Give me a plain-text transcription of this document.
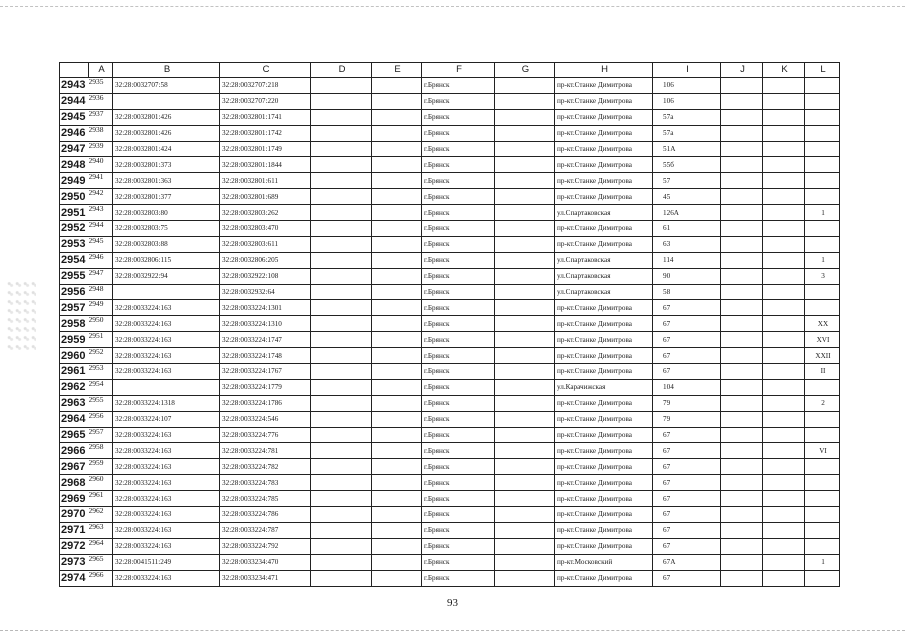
	A	B	C	D	E	F	G	H	I	J	K	L
2943	2935	32:28:0032707:58	32:28:0032707:218			г.Брянск		пр-кт.Станке Димитрова	106			
2944	2936		32:28:0032707:220			г.Брянск		пр-кт.Станке Димитрова	106			
2945	2937	32:28:0032801:426	32:28:0032801:1741			г.Брянск		пр-кт.Станке Димитрова	57а			
2946	2938	32:28:0032801:426	32:28:0032801:1742			г.Брянск		пр-кт.Станке Димитрова	57а			
2947	2939	32:28:0032801:424	32:28:0032801:1749			г.Брянск		пр-кт.Станке Димитрова	51А			
2948	2940	32:28:0032801:373	32:28:0032801:1844			г.Брянск		пр-кт.Станке Димитрова	55б			
2949	2941	32:28:0032801:363	32:28:0032801:611			г.Брянск		пр-кт.Станке Димитрова	57			
2950	2942	32:28:0032801:377	32:28:0032801:689			г.Брянск		пр-кт.Станке Димитрова	45			
2951	2943	32:28:0032803:80	32:28:0032803:262			г.Брянск		ул.Спартаковская	126А			1
2952	2944	32:28:0032803:75	32:28:0032803:470			г.Брянск		пр-кт.Станке Димитрова	61			
2953	2945	32:28:0032803:88	32:28:0032803:611			г.Брянск		пр-кт.Станке Димитрова	63			
2954	2946	32:28:0032806:115	32:28:0032806:205			г.Брянск		ул.Спартаковская	114			1
2955	2947	32:28:0032922:94	32:28:0032922:108			г.Брянск		ул.Спартаковская	90			3
2956	2948		32:28:0032932:64			г.Брянск		ул.Спартаковская	58			
2957	2949	32:28:0033224:163	32:28:0033224:1301			г.Брянск		пр-кт.Станке Димитрова	67			
2958	2950	32:28:0033224:163	32:28:0033224:1310			г.Брянск		пр-кт.Станке Димитрова	67			XX
2959	2951	32:28:0033224:163	32:28:0033224:1747			г.Брянск		пр-кт.Станке Димитрова	67			XVI
2960	2952	32:28:0033224:163	32:28:0033224:1748			г.Брянск		пр-кт.Станке Димитрова	67			XXII
2961	2953	32:28:0033224:163	32:28:0033224:1767			г.Брянск		пр-кт.Станке Димитрова	67			II
2962	2954		32:28:0033224:1779			г.Брянск		ул.Карачижская	104			
2963	2955	32:28:0033224:1318	32:28:0033224:1786			г.Брянск		пр-кт.Станке Димитрова	79			2
2964	2956	32:28:0033224:107	32:28:0033224:546			г.Брянск		пр-кт.Станке Димитрова	79			
2965	2957	32:28:0033224:163	32:28:0033224:776			г.Брянск		пр-кт.Станке Димитрова	67			
2966	2958	32:28:0033224:163	32:28:0033224:781			г.Брянск		пр-кт.Станке Димитрова	67			VI
2967	2959	32:28:0033224:163	32:28:0033224:782			г.Брянск		пр-кт.Станке Димитрова	67			
2968	2960	32:28:0033224:163	32:28:0033224:783			г.Брянск		пр-кт.Станке Димитрова	67			
2969	2961	32:28:0033224:163	32:28:0033224:785			г.Брянск		пр-кт.Станке Димитрова	67			
2970	2962	32:28:0033224:163	32:28:0033224:786			г.Брянск		пр-кт.Станке Димитрова	67			
2971	2963	32:28:0033224:163	32:28:0033224:787			г.Брянск		пр-кт.Станке Димитрова	67			
2972	2964	32:28:0033224:163	32:28:0033224:792			г.Брянск		пр-кт.Станке Димитрова	67			
2973	2965	32:28:0041511:249	32:28:0033234:470			г.Брянск		пр-кт.Московский	67А			1
2974	2966	32:28:0033224:163	32:28:0033234:471			г.Брянск		пр-кт.Станке Димитрова	67			
93
